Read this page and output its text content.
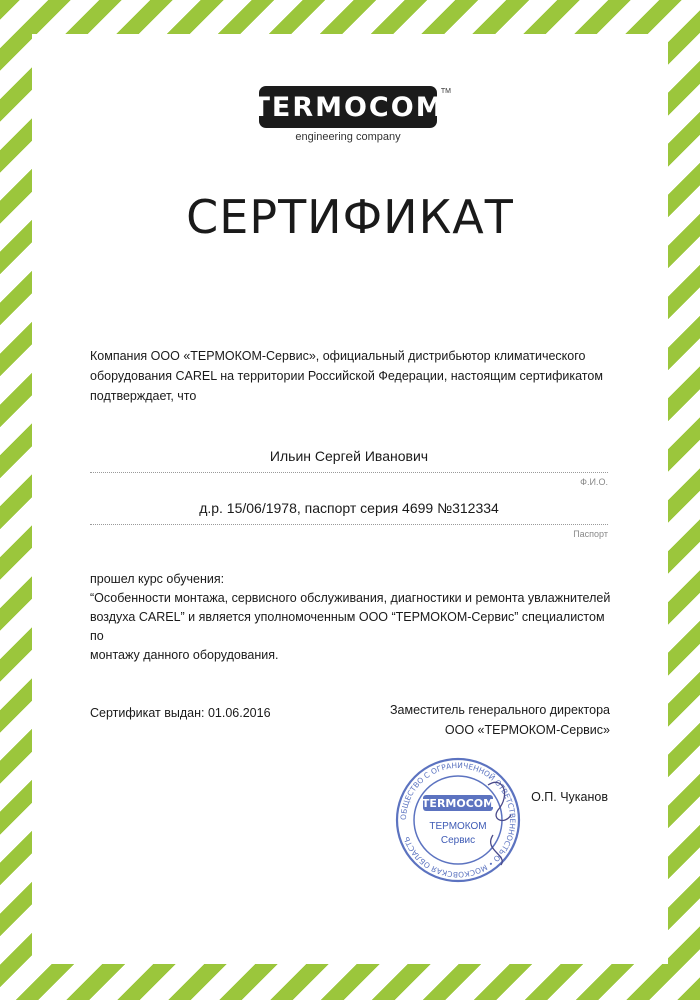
TERMOCOM
TM
engineering company
СЕРТИФИКАТ
Компания ООО «ТЕРМОКОМ-Сервис», официальный дистрибьютор климатического оборудования CAREL на территории Российской Федерации, настоящим сертификатом подтверждает, что
Ильин Сергей Иванович
Ф.И.О.
д.р. 15/06/1978, паспорт серия 4699 №312334
Паспорт
прошел курс обучения:
“Особенности монтажа, сервисного обслуживания, диагностики и ремонта увлажнителей
воздуха CAREL” и является уполномоченным ООО “ТЕРМОКОМ-Сервис” специалистом по
монтажу данного оборудования.
Сертификат выдан: 01.06.2016	Заместитель генерального директора
ООО «ТЕРМОКОМ-Сервис»
О.П. Чуканов
ОБЩЕСТВО С ОГРАНИЧЕННОЙ ОТВЕТСТВЕННОСТЬЮ • МОСКОВСКАЯ ОБЛАСТЬ
TERMOCOM
ТЕРМОКОМ
Сервис
